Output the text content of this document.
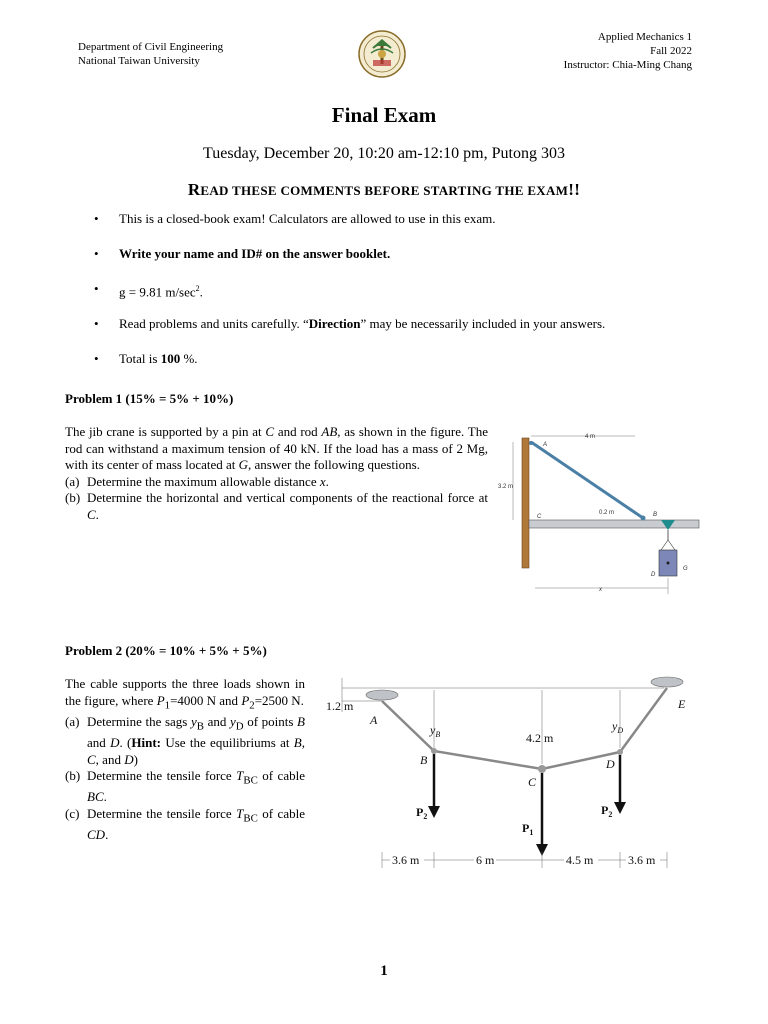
Department of Civil Engineering
National Taiwan University
Applied Mechanics 1
Fall 2022
Instructor: Chia-Ming Chang
Final Exam
Tuesday, December 20, 10:20 am-12:10 pm, Putong 303
READ THESE COMMENTS BEFORE STARTING THE EXAM!!
• This is a closed-book exam! Calculators are allowed to use in this exam.
• Write your name and ID# on the answer booklet.
• g = 9.81 $m/\sec^2$.
• Read problems and units carefully. “Direction” may be necessarily included in your answers.
• Total is 100 %.
Problem 1 (15% = 5% + 10%)

The jib crane is supported by a pin at C and rod AB, as shown in the figure. The rod can withstand a maximum tension of 40 kN. If the load has a mass of 2 Mg, with its center of mass located at G, answer the following questions.

(a) Determine the maximum allowable distance x.
(b) Determine the horizontal and vertical components of the reactional force at C.
4 m
3.2 m
A
B
C
0.2 m
D
G
x
Problem 2 (20% = 10% + 5% + 5%)

The cable supports the three loads shown in the figure, where $P_1=4000$ N and $P_2=2500$ N.

(a) Determine the sags $y_B$ and $y_D$ of points B and D. (Hint: Use the equilibriums at B, C, and D)
(b) Determine the tensile force $T_{BC}$ of cable BC.
(c) Determine the tensile force $T_{BC}$ of cable CD.
A
E
1.2 m
B
C
D
$y_B$
$y_D$
4.2 m
$P_2$
$P_1$
$P_2$
3.6 m	6 m	4.5 m	3.6 m
1
